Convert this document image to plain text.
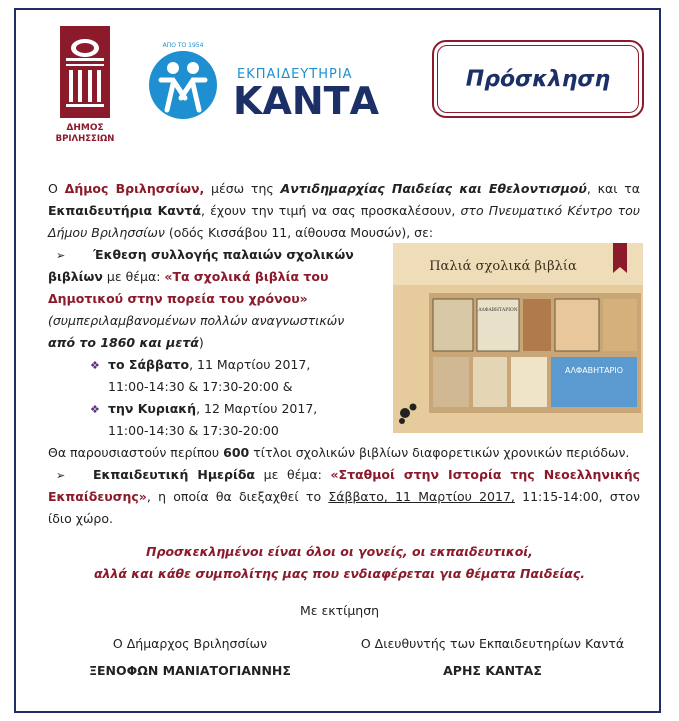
ΔΗΜΟΣ
ΒΡΙΛΗΣΣΙΩΝ
ΑΠΟ ΤΟ 1954
ΕΚΠΑΙΔΕΥΤΗΡΙΑ
ΚΑΝΤΑ	Πρόσκληση
Ο Δήμος Βριλησσίων, μέσω της Αντιδημαρχίας Παιδείας και Εθελοντισμού, και τα
Εκπαιδευτήρια Καντά, έχουν την τιμή να σας προσκαλέσουν, στο Πνευματικό Κέντρο του
Δήμου Βριλησσίων (οδός Κισσάβου 11, αίθουσα Μουσών), σε:
➢ Έκθεση συλλογής παλαιών σχολικών
βιβλίων με θέμα: «Τα σχολικά βιβλία του
Δημοτικού στην πορεία του χρόνου»
(συμπεριλαμβανομένων πολλών αναγνωστικών
από το 1860 και μετά)
❖ το Σάββατο, 11 Μαρτίου 2017,
11:00-14:30 & 17:30-20:00 &
❖ την Κυριακή, 12 Μαρτίου 2017,
11:00-14:30 & 17:30-20:00
Παλιά σχολικά βιβλία
ΑΛΦΑΒΗΤΑΡΙΟ
ΑΛΦΑΒΗΤΑΡΙΟΝ
Θα παρουσιαστούν περίπου 600 τίτλοι σχολικών βιβλίων διαφορετικών χρονικών περιόδων.
➢ Εκπαιδευτική Ημερίδα με θέμα: «Σταθμοί στην Ιστορία της Νεοελληνικής
Εκπαίδευσης», η οποία θα διεξαχθεί το Σάββατο, 11 Μαρτίου 2017, 11:15-14:00, στον
ίδιο χώρο.
Προσκεκλημένοι είναι όλοι οι γονείς, οι εκπαιδευτικοί,
αλλά και κάθε συμπολίτης μας που ενδιαφέρεται για θέματα Παιδείας.
Με εκτίμηση
Ο Δήμαρχος Βριλησσίων
ΞΕΝΟΦΩΝ ΜΑΝΙΑΤΟΓΙΑΝΝΗΣ
Ο Διευθυντής των Εκπαιδευτηρίων Καντά
ΑΡΗΣ ΚΑΝΤΑΣ
